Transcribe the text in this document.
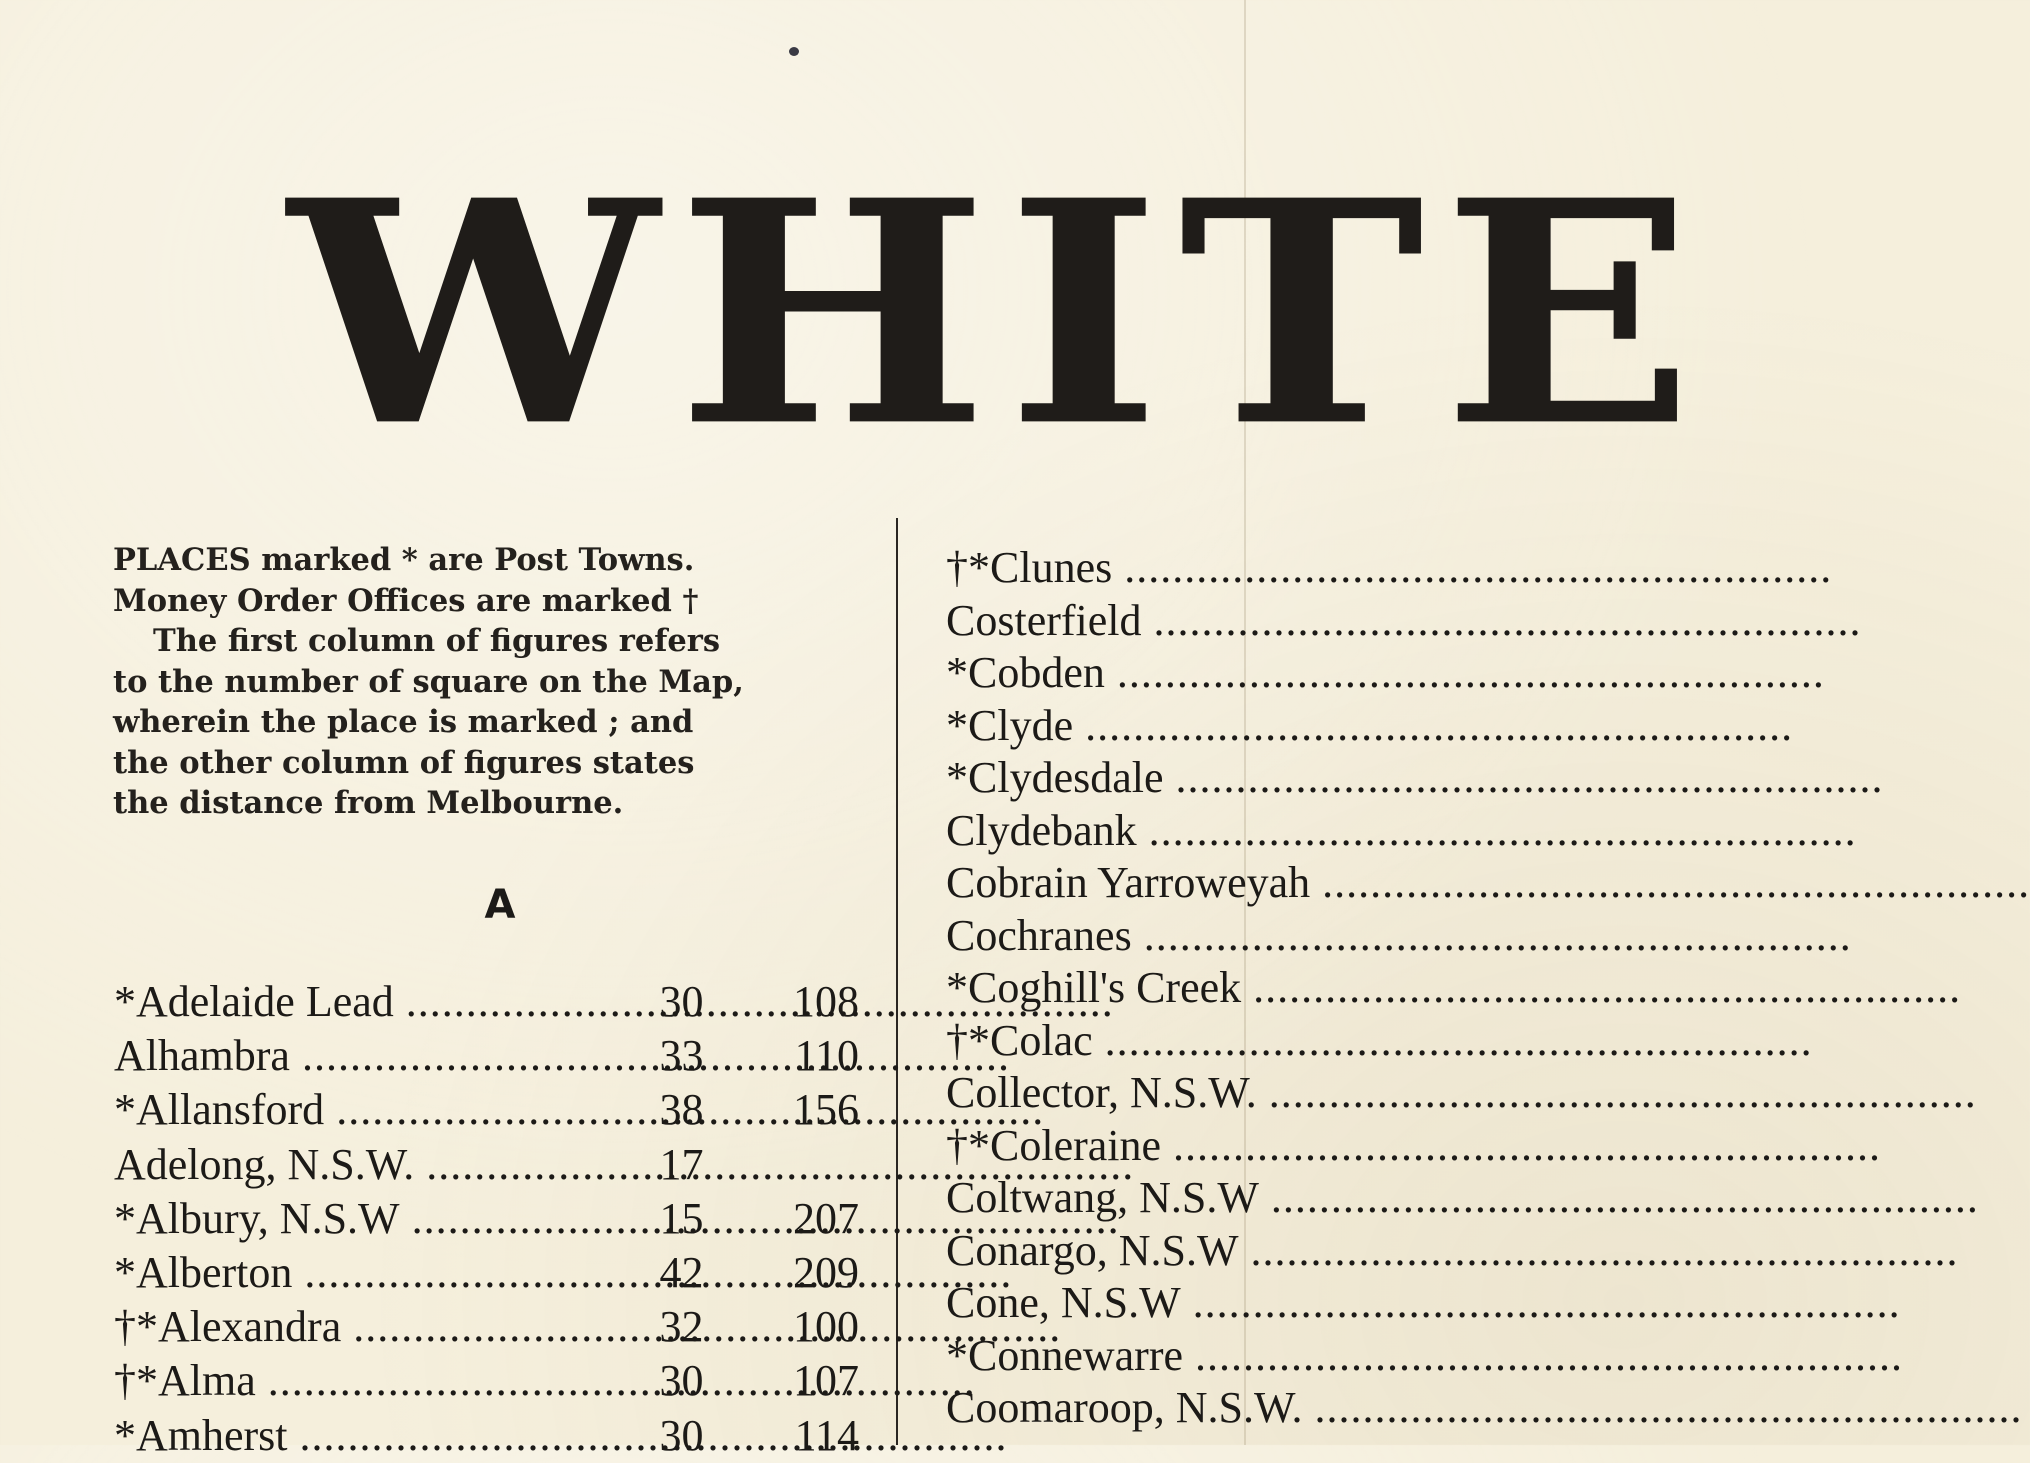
WHITE

PLACES marked * are Post Towns.

Money Order Offices are marked †

The first column of figures refers

to the number of square on the Map,

wherein the place is marked ; and

the other column of figures states

the distance from Melbourne.

A
*Adelaide Lead .....	30	108
Alhambra .....	33	110
*Allansford .....	38	156
Adelong, N.S.W. .....	17
*Albury, N.S.W .....	15	207
*Alberton .....	42	209
†*Alexandra .....	32	100
†*Alma .....	30	107
*Amherst .....	30	114
†*Clunes .....
Costerfield .....
*Cobden .....
*Clyde .....
*Clydesdale .....
Clydebank .....
Cobrain Yarroweyah .....
Cochranes .....
*Coghill's Creek .....
†*Colac .....
Collector, N.S.W. .....
†*Coleraine .....
Coltwang, N.S.W .....
Conargo, N.S.W .....
Cone, N.S.W .....
*Connewarre .....
Coomaroop, N.S.W. .....
